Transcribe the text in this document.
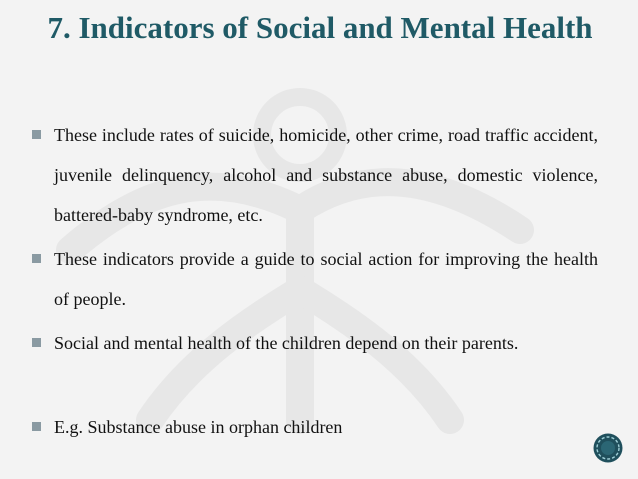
7. Indicators of Social and Mental Health
These include rates of suicide, homicide, other crime, road traffic accident, juvenile delinquency, alcohol and substance abuse, domestic violence, battered-baby syndrome, etc.
These indicators provide a guide to social action for improving the health of people.
Social and mental health of the children depend on their parents.
E.g. Substance abuse in orphan children
